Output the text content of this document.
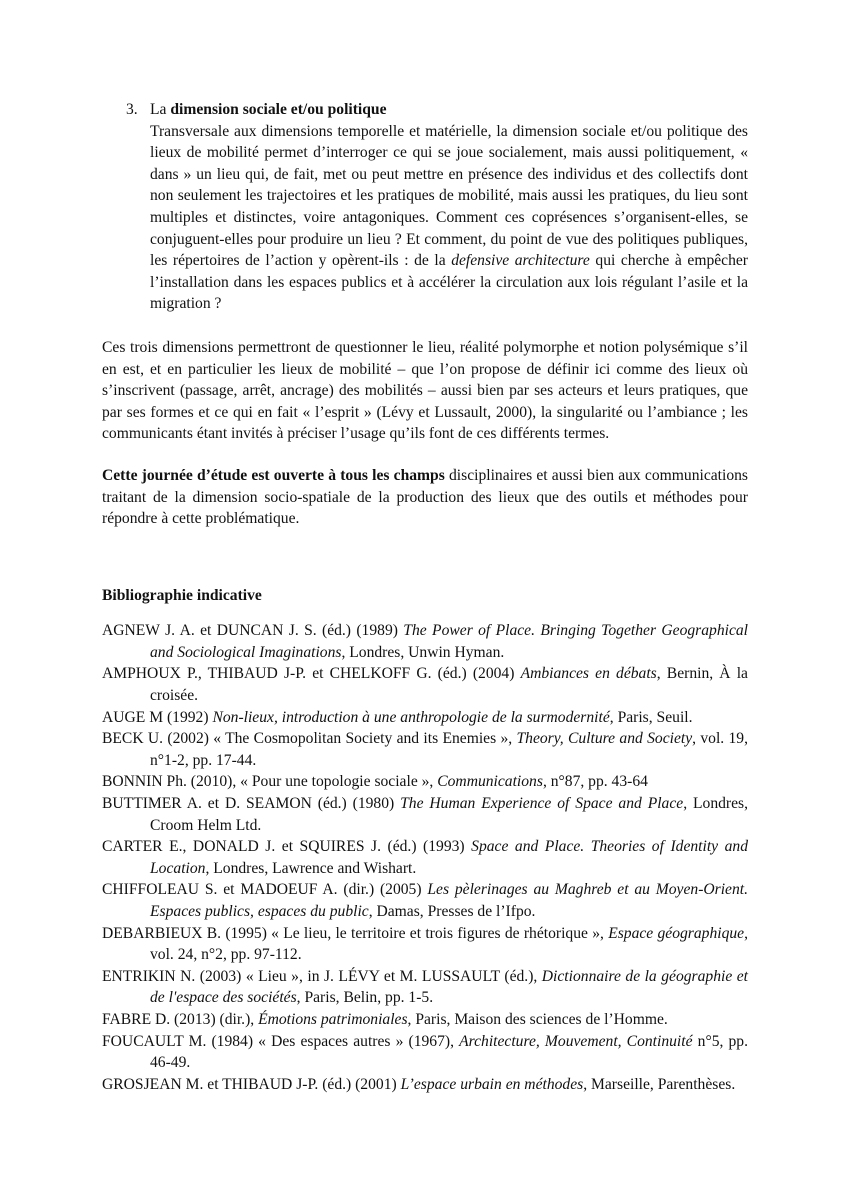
3. La dimension sociale et/ou politique
Transversale aux dimensions temporelle et matérielle, la dimension sociale et/ou politique des lieux de mobilité permet d’interroger ce qui se joue socialement, mais aussi politiquement, « dans » un lieu qui, de fait, met ou peut mettre en présence des individus et des collectifs dont non seulement les trajectoires et les pratiques de mobilité, mais aussi les pratiques, du lieu sont multiples et distinctes, voire antagoniques. Comment ces coprésences s’organisent-elles, se conjuguent-elles pour produire un lieu ? Et comment, du point de vue des politiques publiques, les répertoires de l’action y opèrent-ils : de la defensive architecture qui cherche à empêcher l’installation dans les espaces publics et à accélérer la circulation aux lois régulant l’asile et la migration ?

Ces trois dimensions permettront de questionner le lieu, réalité polymorphe et notion polysémique s’il en est, et en particulier les lieux de mobilité – que l’on propose de définir ici comme des lieux où s’inscrivent (passage, arrêt, ancrage) des mobilités – aussi bien par ses acteurs et leurs pratiques, que par ses formes et ce qui en fait « l’esprit » (Lévy et Lussault, 2000), la singularité ou l’ambiance ; les communicants étant invités à préciser l’usage qu’ils font de ces différents termes.

Cette journée d’étude est ouverte à tous les champs disciplinaires et aussi bien aux communications traitant de la dimension socio-spatiale de la production des lieux que des outils et méthodes pour répondre à cette problématique.

Bibliographie indicative
AGNEW J. A. et DUNCAN J. S. (éd.) (1989) The Power of Place. Bringing Together Geographical and Sociological Imaginations, Londres, Unwin Hyman.
AMPHOUX P., THIBAUD J-P. et CHELKOFF G. (éd.) (2004) Ambiances en débats, Bernin, À la croisée.
AUGE M (1992) Non-lieux, introduction à une anthropologie de la surmodernité, Paris, Seuil.
BECK U. (2002) « The Cosmopolitan Society and its Enemies », Theory, Culture and Society, vol. 19, n°1-2, pp. 17-44.
BONNIN Ph. (2010), « Pour une topologie sociale », Communications, n°87, pp. 43-64
BUTTIMER A. et D. SEAMON (éd.) (1980) The Human Experience of Space and Place, Londres, Croom Helm Ltd.
CARTER E., DONALD J. et SQUIRES J. (éd.) (1993) Space and Place. Theories of Identity and Location, Londres, Lawrence and Wishart.
CHIFFOLEAU S. et MADOEUF A. (dir.) (2005) Les pèlerinages au Maghreb et au Moyen-Orient. Espaces publics, espaces du public, Damas, Presses de l’Ifpo.
DEBARBIEUX B. (1995) « Le lieu, le territoire et trois figures de rhétorique », Espace géographique, vol. 24, n°2, pp. 97-112.
ENTRIKIN N. (2003) « Lieu », in J. LÉVY et M. LUSSAULT (éd.), Dictionnaire de la géographie et de l'espace des sociétés, Paris, Belin, pp. 1-5.
FABRE D. (2013) (dir.), Émotions patrimoniales, Paris, Maison des sciences de l’Homme.
FOUCAULT M. (1984) « Des espaces autres » (1967), Architecture, Mouvement, Continuité n°5, pp. 46-49.
GROSJEAN M. et THIBAUD J-P. (éd.) (2001) L’espace urbain en méthodes, Marseille, Parenthèses.
